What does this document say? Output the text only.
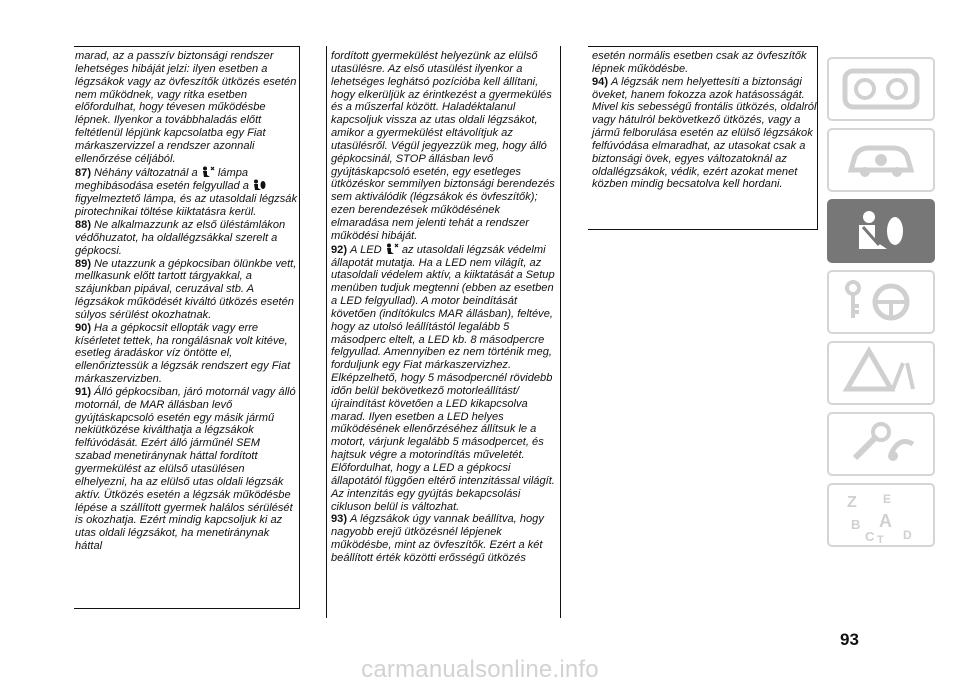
marad, az a passzív biztonsági rendszer lehetséges hibáját jelzi: ilyen esetben a légzsákok vagy az övfeszítők ütközés esetén nem működnek, vagy ritka esetben előfordulhat, hogy tévesen működésbe lépnek. Ilyenkor a továbbhaladás előtt feltétlenül lépjünk kapcsolatba egy Fiat márkaszervizzel a rendszer azonnali ellenőrzése céljából.

87) Néhány változatnál a lámpa meghibásodása esetén felgyullad a  figyelmeztető lámpa, és az utasoldali légzsák pirotechnikai töltése kiiktatásra kerül.

88) Ne alkalmazzunk az első üléstámlákon védőhuzatot, ha oldallégzsákkal szerelt a gépkocsi.

89) Ne utazzunk a gépkocsiban ölünkbe vett, mellkasunk előtt tartott tárgyakkal, a szájunkban pipával, ceruzával stb. A légzsákok működését kiváltó ütközés esetén súlyos sérülést okozhatnak.

90) Ha a gépkocsit ellopták vagy erre kísérletet tettek, ha rongálásnak volt kitéve, esetleg áradáskor víz öntötte el, ellenőriztessük a légzsák rendszert egy Fiat márkaszervizben.

91) Álló gépkocsiban, járó motornál vagy álló motornál, de MAR állásban levő gyújtáskapcsoló esetén egy másik jármű nekiütközése kiválthatja a légzsákok felfúvódását. Ezért álló járműnél SEM szabad menetiránynak háttal fordított gyermekülést az elülső utasülésen elhelyezni, ha az elülső utas oldali légzsák aktív. Ütközés esetén a légzsák működésbe lépése a szállított gyermek halálos sérülését is okozhatja. Ezért mindig kapcsoljuk ki az utas oldali légzsákot, ha menetiránynak háttal

fordított gyermekülést helyezünk az elülső utasülésre. Az első utasülést ilyenkor a lehetséges leghátsó pozícióba kell állítani, hogy elkerüljük az érintkezést a gyermekülés és a műszerfal között. Haladéktalanul kapcsoljuk vissza az utas oldali légzsákot, amikor a gyermekülést eltávolítjuk az utasülésről. Végül jegyezzük meg, hogy álló gépkocsinál, STOP állásban levő gyújtáskapcsoló esetén, egy esetleges ütközéskor semmilyen biztonsági berendezés sem aktiválódik (légzsákok és övfeszítők); ezen berendezések működésének elmaradása nem jelenti tehát a rendszer működési hibáját.

92) A LED az utasoldali légzsák védelmi állapotát mutatja. Ha a LED nem világít, az utasoldali védelem aktív, a kiiktatását a Setup menüben tudjuk megtenni (ebben az esetben a LED felgyullad). A motor beindítását követően (indítókulcs MAR állásban), feltéve, hogy az utolsó leállítástól legalább 5 másodperc eltelt, a LED kb. 8 másodpercre felgyullad. Amennyiben ez nem történik meg, forduljunk egy Fiat márkaszervizhez. Elképzelhető, hogy 5 másodpercnél rövidebb időn belül bekövetkező motorleállítást/újraindítást követően a LED kikapcsolva marad. Ilyen esetben a LED helyes működésének ellenőrzéséhez állítsuk le a motort, várjunk legalább 5 másodpercet, és hajtsuk végre a motorindítás műveletét. Előfordulhat, hogy a LED a gépkocsi állapotától függően eltérő intenzitással világít. Az intenzitás egy gyújtás bekapcsolási cikluson belül is változhat.

93) A légzsákok úgy vannak beállítva, hogy nagyobb erejű ütközésnél lépjenek működésbe, mint az övfeszítők. Ezért a két beállított érték közötti erősségű ütközés

esetén normális esetben csak az övfeszítők lépnek működésbe.

94) A légzsák nem helyettesíti a biztonsági öveket, hanem fokozza azok hatásosságát. Mivel kis sebességű frontális ütközés, oldalról vagy hátulról bekövetkező ütközés, vagy a jármű felborulása esetén az elülső légzsákok felfúvódása elmaradhat, az utasokat csak a biztonsági övek, egyes változatoknál az oldallégzsákok, védik, ezért azokat menet közben mindig becsatolva kell hordani.

Z E
B A
C T D
93
carmanualsonline.info
